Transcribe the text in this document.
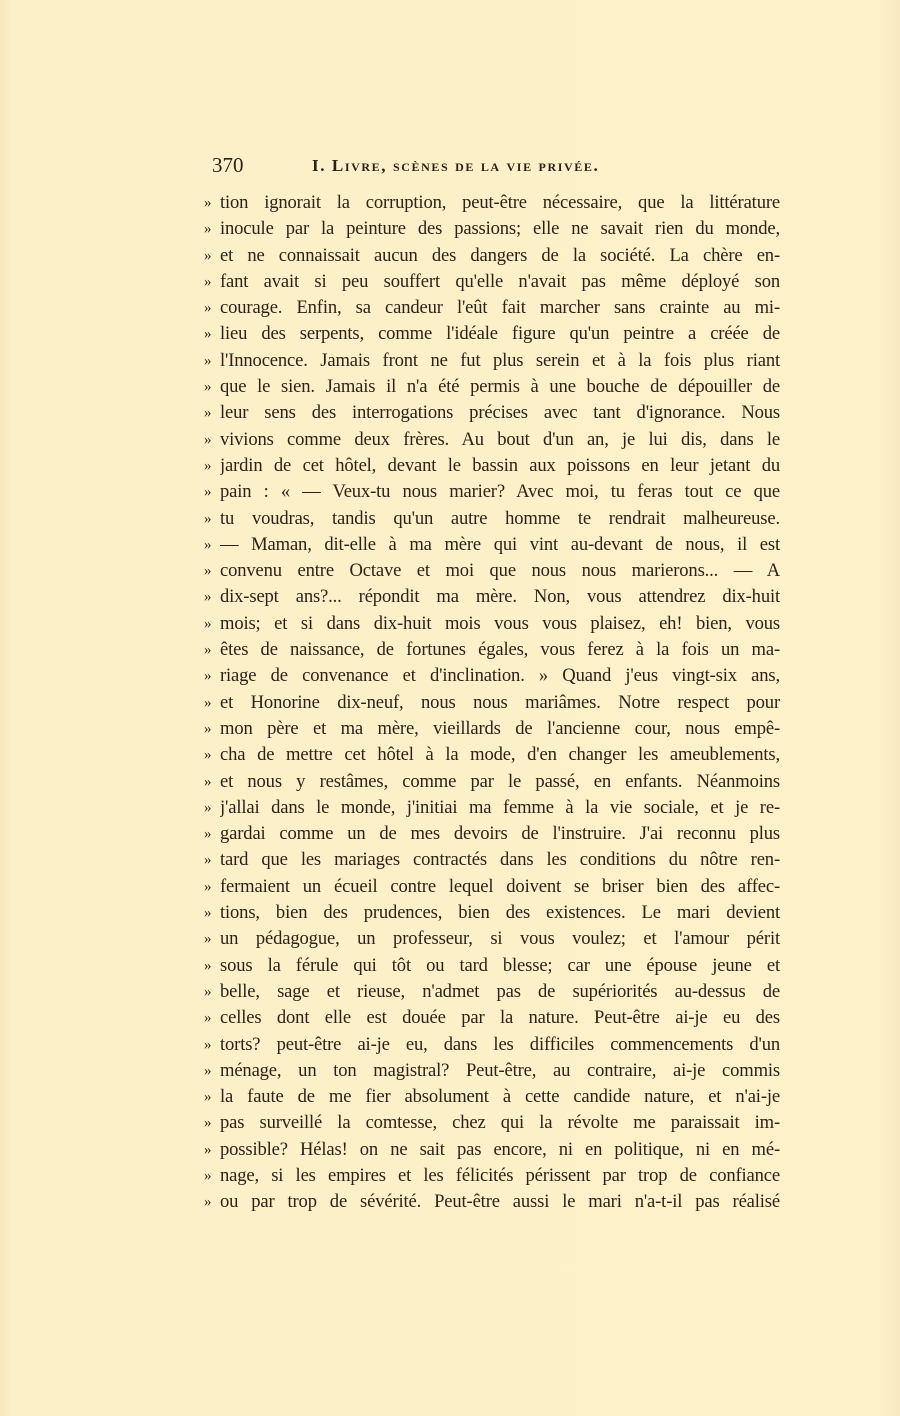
370	I. Livre, scènes de la vie privée.
» tion ignorait la corruption, peut-être nécessaire, que la littérature
» inocule par la peinture des passions; elle ne savait rien du monde,
» et ne connaissait aucun des dangers de la société. La chère en-
» fant avait si peu souffert qu'elle n'avait pas même déployé son
» courage. Enfin, sa candeur l'eût fait marcher sans crainte au mi-
» lieu des serpents, comme l'idéale figure qu'un peintre a créée de
» l'Innocence. Jamais front ne fut plus serein et à la fois plus riant
» que le sien. Jamais il n'a été permis à une bouche de dépouiller de
» leur sens des interrogations précises avec tant d'ignorance. Nous
» vivions comme deux frères. Au bout d'un an, je lui dis, dans le
» jardin de cet hôtel, devant le bassin aux poissons en leur jetant du
» pain : « — Veux-tu nous marier? Avec moi, tu feras tout ce que
» tu voudras, tandis qu'un autre homme te rendrait malheureuse.
» — Maman, dit-elle à ma mère qui vint au-devant de nous, il est
» convenu entre Octave et moi que nous nous marierons... — A
» dix-sept ans?... répondit ma mère. Non, vous attendrez dix-huit
» mois; et si dans dix-huit mois vous vous plaisez, eh! bien, vous
» êtes de naissance, de fortunes égales, vous ferez à la fois un ma-
» riage de convenance et d'inclination. » Quand j'eus vingt-six ans,
» et Honorine dix-neuf, nous nous mariâmes. Notre respect pour
» mon père et ma mère, vieillards de l'ancienne cour, nous empê-
» cha de mettre cet hôtel à la mode, d'en changer les ameublements,
» et nous y restâmes, comme par le passé, en enfants. Néanmoins
» j'allai dans le monde, j'initiai ma femme à la vie sociale, et je re-
» gardai comme un de mes devoirs de l'instruire. J'ai reconnu plus
» tard que les mariages contractés dans les conditions du nôtre ren-
» fermaient un écueil contre lequel doivent se briser bien des affec-
» tions, bien des prudences, bien des existences. Le mari devient
» un pédagogue, un professeur, si vous voulez; et l'amour périt
» sous la férule qui tôt ou tard blesse; car une épouse jeune et
» belle, sage et rieuse, n'admet pas de supériorités au-dessus de
» celles dont elle est douée par la nature. Peut-être ai-je eu des
» torts? peut-être ai-je eu, dans les difficiles commencements d'un
» ménage, un ton magistral? Peut-être, au contraire, ai-je commis
» la faute de me fier absolument à cette candide nature, et n'ai-je
» pas surveillé la comtesse, chez qui la révolte me paraissait im-
» possible? Hélas! on ne sait pas encore, ni en politique, ni en mé-
» nage, si les empires et les félicités périssent par trop de confiance
» ou par trop de sévérité. Peut-être aussi le mari n'a-t-il pas réalisé
